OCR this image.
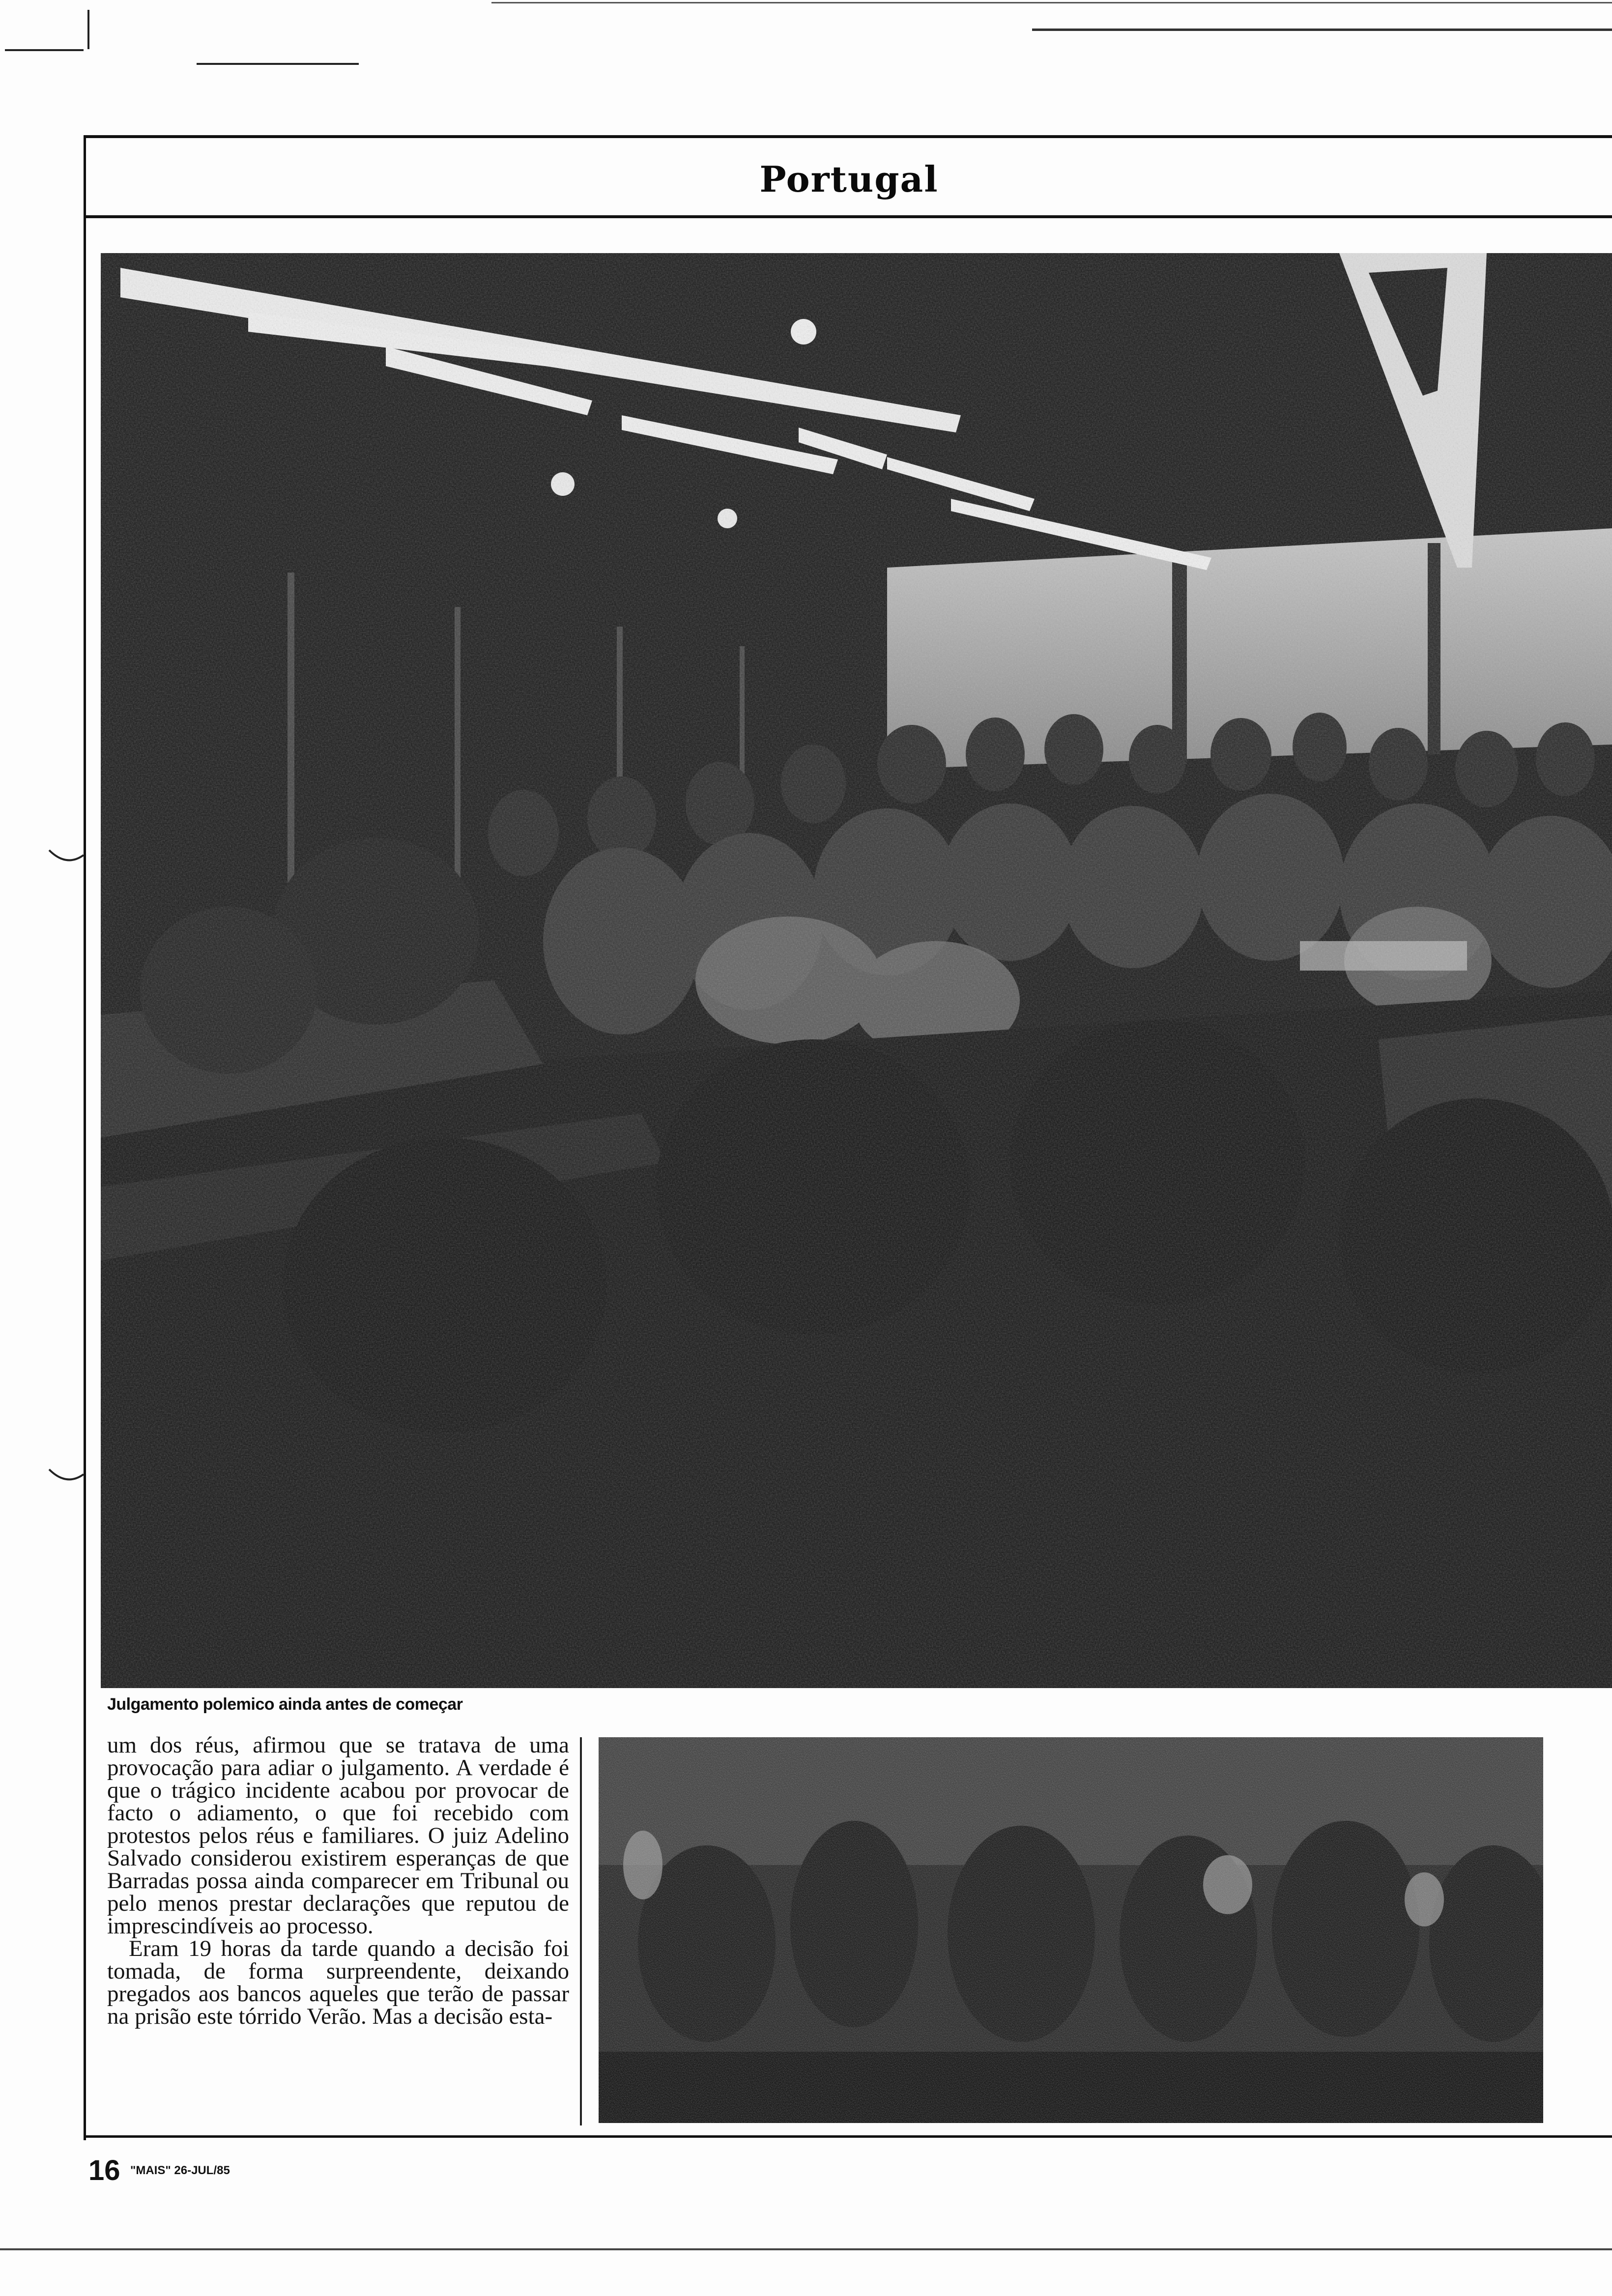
Portugal
Julgamento polemico ainda antes de começar

um dos réus, afirmou que se tratava de uma provocação para adiar o julgamento. A verdade é que o trágico incidente acabou por provocar de facto o adiamento, o que foi recebido com protestos pelos réus e familiares. O juiz Adelino Salvado considerou existirem esperanças de que Barradas possa ainda comparecer em Tribunal ou pelo menos prestar declarações que reputou de imprescindíveis ao processo.

Eram 19 horas da tarde quando a decisão foi tomada, de forma surpreendente, deixando pregados aos bancos aqueles que terão de passar na prisão este tórrido Verão. Mas a decisão esta-

16 "MAIS" 26-JUL/85
